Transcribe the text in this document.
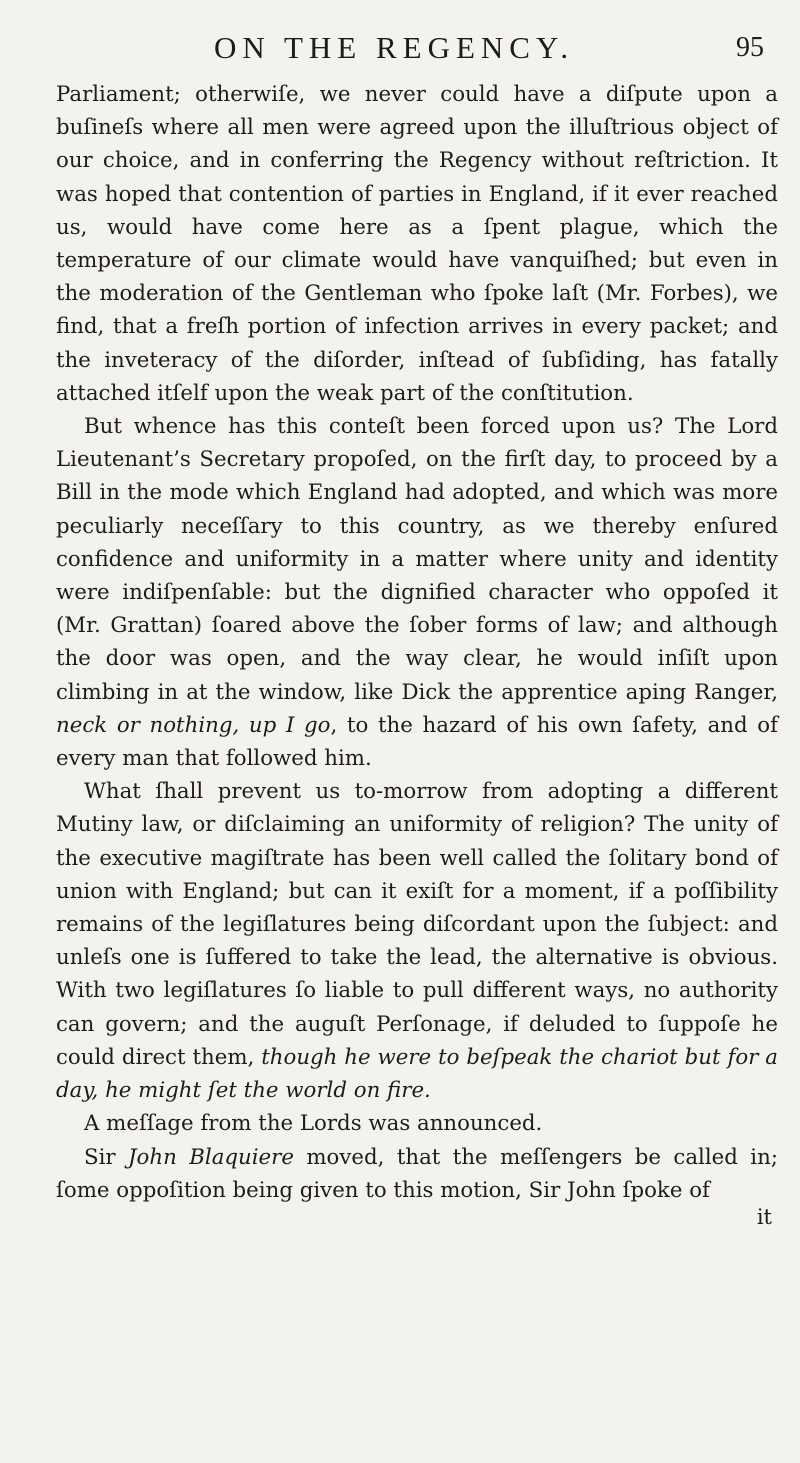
ON THE REGENCY.	95

Parliament; otherwiſe, we never could have a diſpute upon a buſineſs where all men were agreed upon the illuſtrious object of our choice, and in conferring the Regency without reſtriction. It was hoped that contention of parties in England, if it ever reached us, would have come here as a ſpent plague, which the temperature of our climate would have vanquiſhed; but even in the moderation of the Gentleman who ſpoke laſt (Mr. Forbes), we find, that a freſh portion of infection arrives in every packet; and the inveteracy of the diſorder, inſtead of ſubſiding, has fatally attached itſelf upon the weak part of the conſtitution.

But whence has this conteſt been forced upon us? The Lord Lieutenant’s Secretary propoſed, on the firſt day, to proceed by a Bill in the mode which England had adopted, and which was more peculiarly neceſſary to this country, as we thereby enſured confidence and uniformity in a matter where unity and identity were indiſpenſable: but the dignified character who oppoſed it (Mr. Grattan) ſoared above the ſober forms of law; and although the door was open, and the way clear, he would inſiſt upon climbing in at the window, like Dick the apprentice aping Ranger, neck or nothing, up I go, to the hazard of his own ſafety, and of every man that followed him.

What ſhall prevent us to-morrow from adopting a different Mutiny law, or diſclaiming an uniformity of religion? The unity of the executive magiſtrate has been well called the ſolitary bond of union with England; but can it exiſt for a moment, if a poſſibility remains of the legiſlatures being diſcordant upon the ſubject: and unleſs one is ſuffered to take the lead, the alternative is obvious. With two legiſlatures ſo liable to pull different ways, no authority can govern; and the auguſt Perſonage, if deluded to ſuppoſe he could direct them, though he were to beſpeak the chariot but for a day, he might ſet the world on fire.

A meſſage from the Lords was announced.

Sir John Blaquiere moved, that the meſſengers be called in; ſome oppoſition being given to this motion, Sir John ſpoke of

it
